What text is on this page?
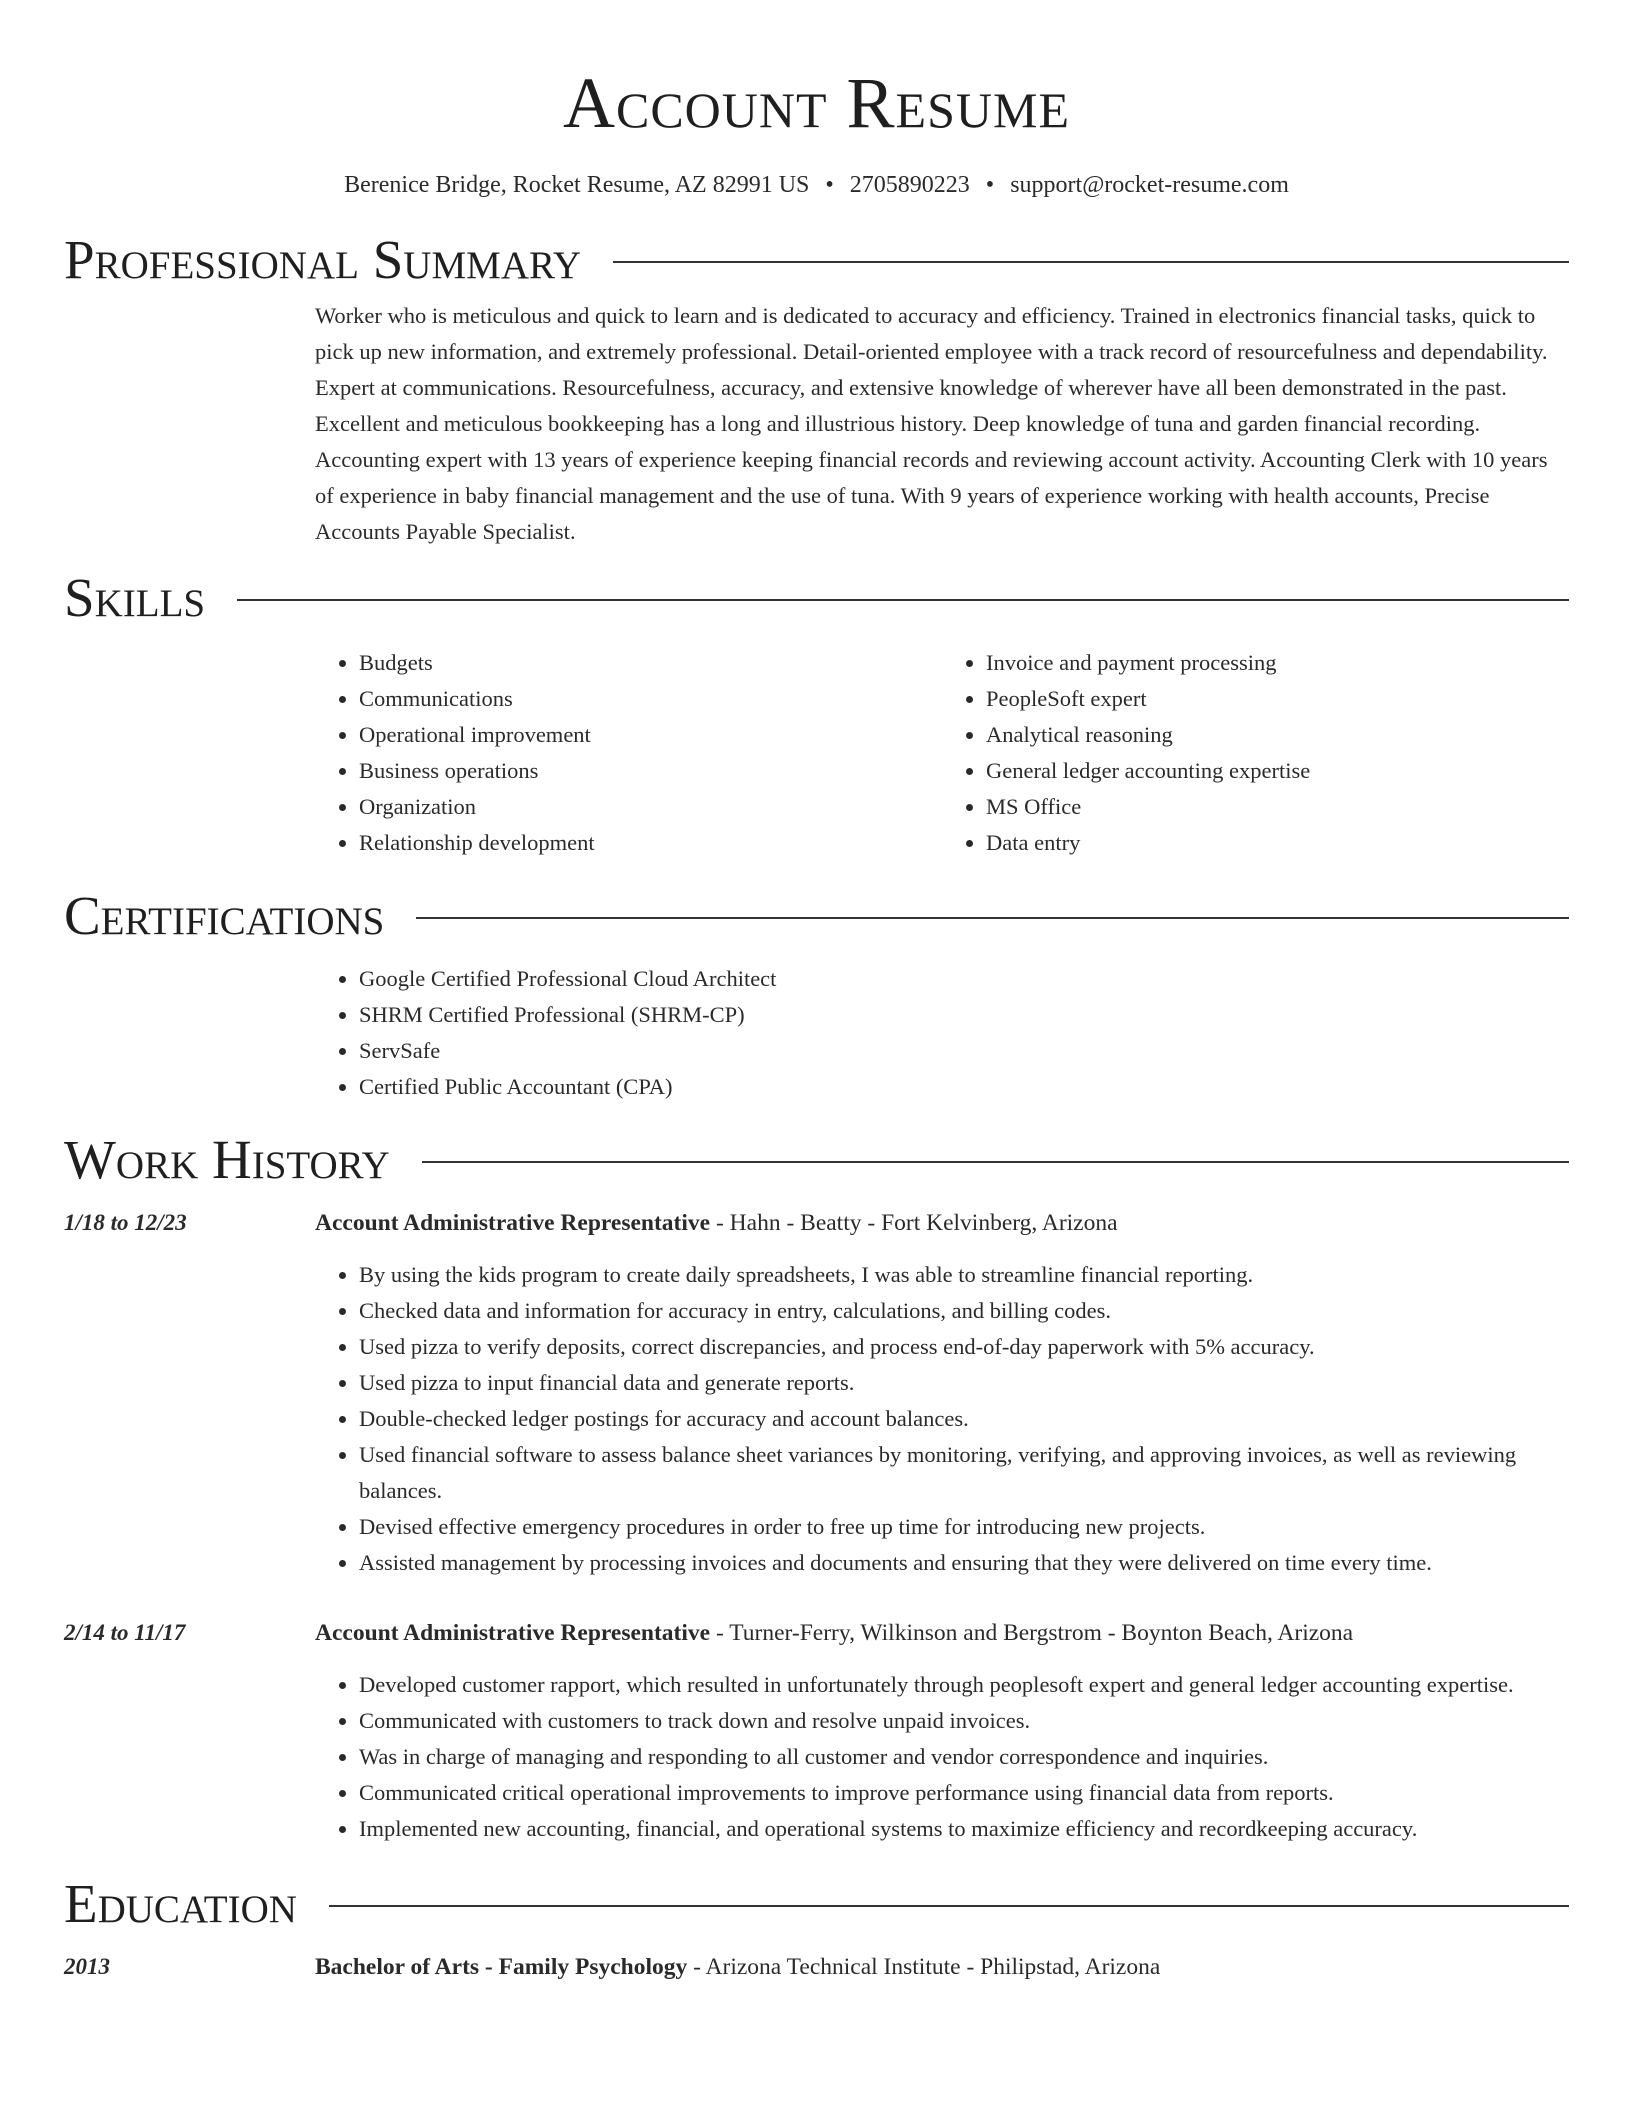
Account Resume
Berenice Bridge, Rocket Resume, AZ 82991 US • 2705890223 • support@rocket-resume.com
Professional Summary

Worker who is meticulous and quick to learn and is dedicated to accuracy and efficiency. Trained in electronics financial tasks, quick to pick up new information, and extremely professional. Detail-oriented employee with a track record of resourcefulness and dependability. Expert at communications. Resourcefulness, accuracy, and extensive knowledge of wherever have all been demonstrated in the past. Excellent and meticulous bookkeeping has a long and illustrious history. Deep knowledge of tuna and garden financial recording. Accounting expert with 13 years of experience keeping financial records and reviewing account activity. Accounting Clerk with 10 years of experience in baby financial management and the use of tuna. With 9 years of experience working with health accounts, Precise Accounts Payable Specialist.

Skills
• Budgets
• Communications
• Operational improvement
• Business operations
• Organization
• Relationship development
• Invoice and payment processing
• PeopleSoft expert
• Analytical reasoning
• General ledger accounting expertise
• MS Office
• Data entry
Certifications
• Google Certified Professional Cloud Architect
• SHRM Certified Professional (SHRM-CP)
• ServSafe
• Certified Public Accountant (CPA)
Work History
1/18 to 12/23	Account Administrative Representative - Hahn - Beatty - Fort Kelvinberg, Arizona
• By using the kids program to create daily spreadsheets, I was able to streamline financial reporting.
• Checked data and information for accuracy in entry, calculations, and billing codes.
• Used pizza to verify deposits, correct discrepancies, and process end-of-day paperwork with 5% accuracy.
• Used pizza to input financial data and generate reports.
• Double-checked ledger postings for accuracy and account balances.
• Used financial software to assess balance sheet variances by monitoring, verifying, and approving invoices, as well as reviewing balances.
• Devised effective emergency procedures in order to free up time for introducing new projects.
• Assisted management by processing invoices and documents and ensuring that they were delivered on time every time.
2/14 to 11/17	Account Administrative Representative - Turner-Ferry, Wilkinson and Bergstrom - Boynton Beach, Arizona
• Developed customer rapport, which resulted in unfortunately through peoplesoft expert and general ledger accounting expertise.
• Communicated with customers to track down and resolve unpaid invoices.
• Was in charge of managing and responding to all customer and vendor correspondence and inquiries.
• Communicated critical operational improvements to improve performance using financial data from reports.
• Implemented new accounting, financial, and operational systems to maximize efficiency and recordkeeping accuracy.
Education
2013	Bachelor of Arts - Family Psychology - Arizona Technical Institute - Philipstad, Arizona
